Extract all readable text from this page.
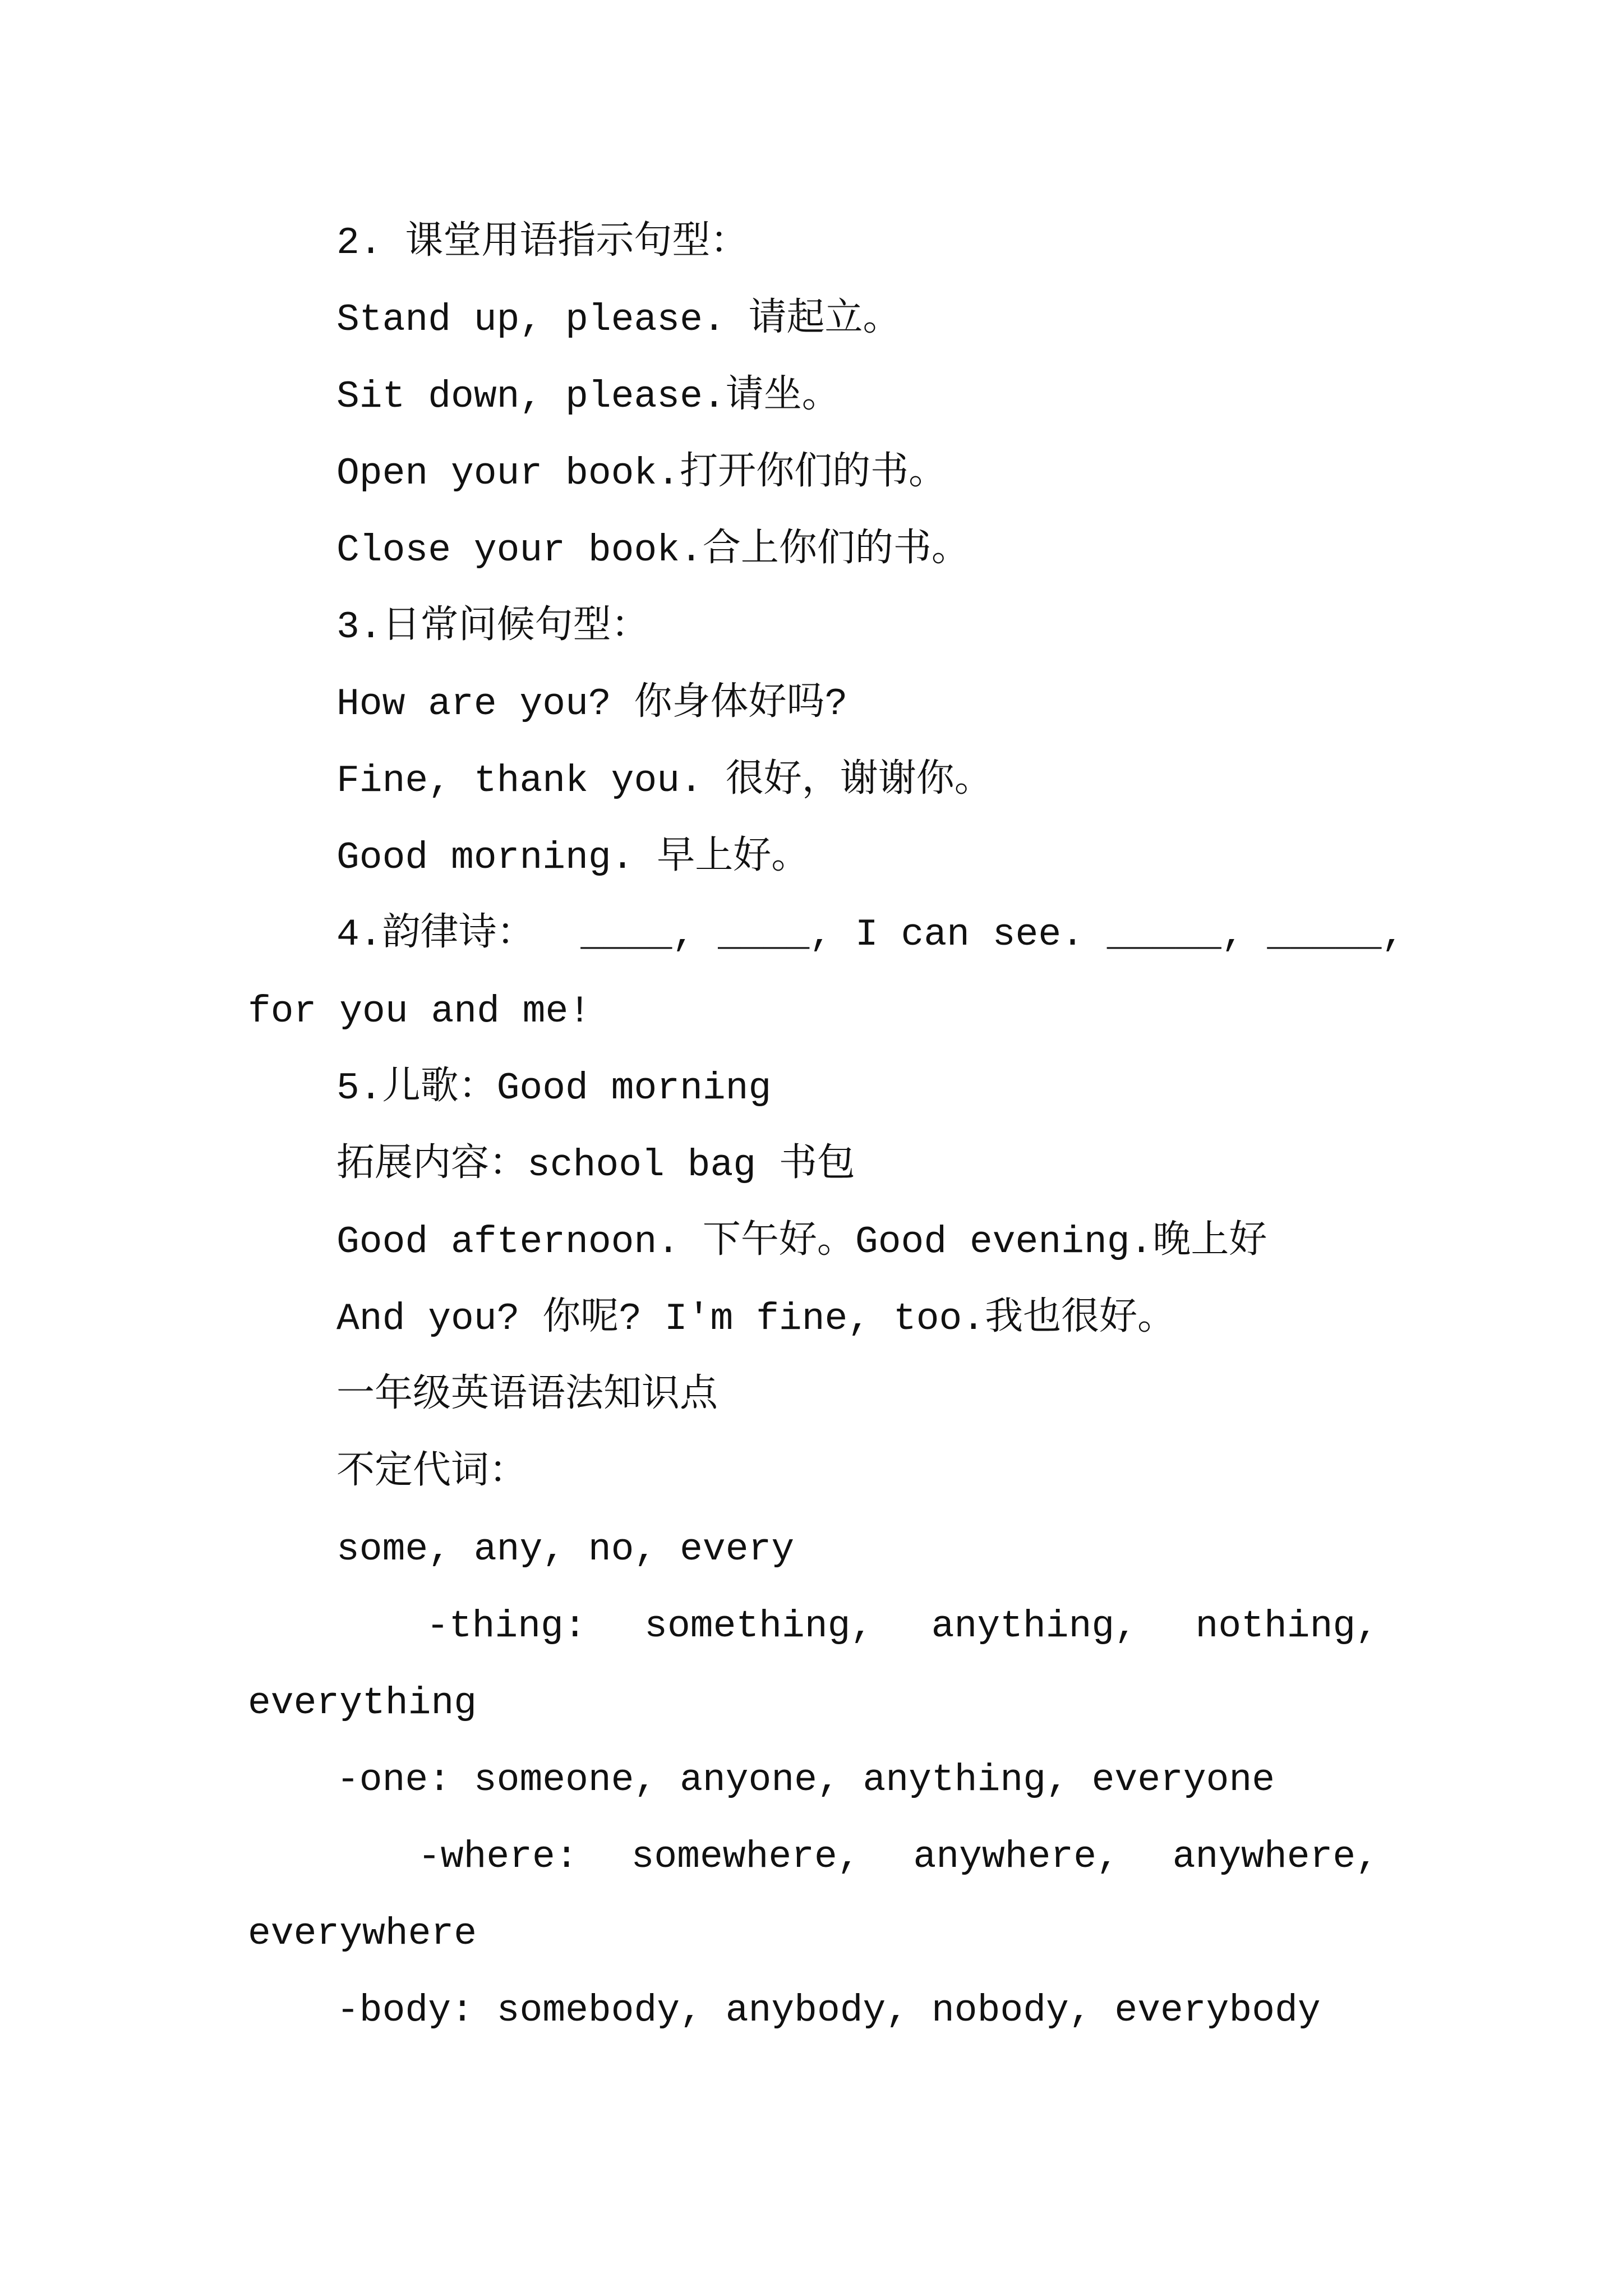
2. 课堂用语指示句型：
Stand up, please. 请起立。
Sit down, please.请坐。
Open your book.打开你们的书。
Close your book.合上你们的书。
3.日常问候句型：
How are you? 你身体好吗?
Fine, thank you. 很好，谢谢你。
Good morning. 早上好。
4.韵律诗：  ____, ____, I can see. _____, _____,
for you and me!
5.儿歌：Good morning
拓展内容：school bag 书包
Good afternoon. 下午好。Good evening.晚上好
And you? 你呢? I'm fine, too.我也很好。
一年级英语语法知识点
不定代词：
some, any, no, every
-thing: something, anything, nothing,
everything
-one: someone, anyone, anything, everyone
-where: somewhere, anywhere, anywhere,
everywhere
-body: somebody, anybody, nobody, everybody
